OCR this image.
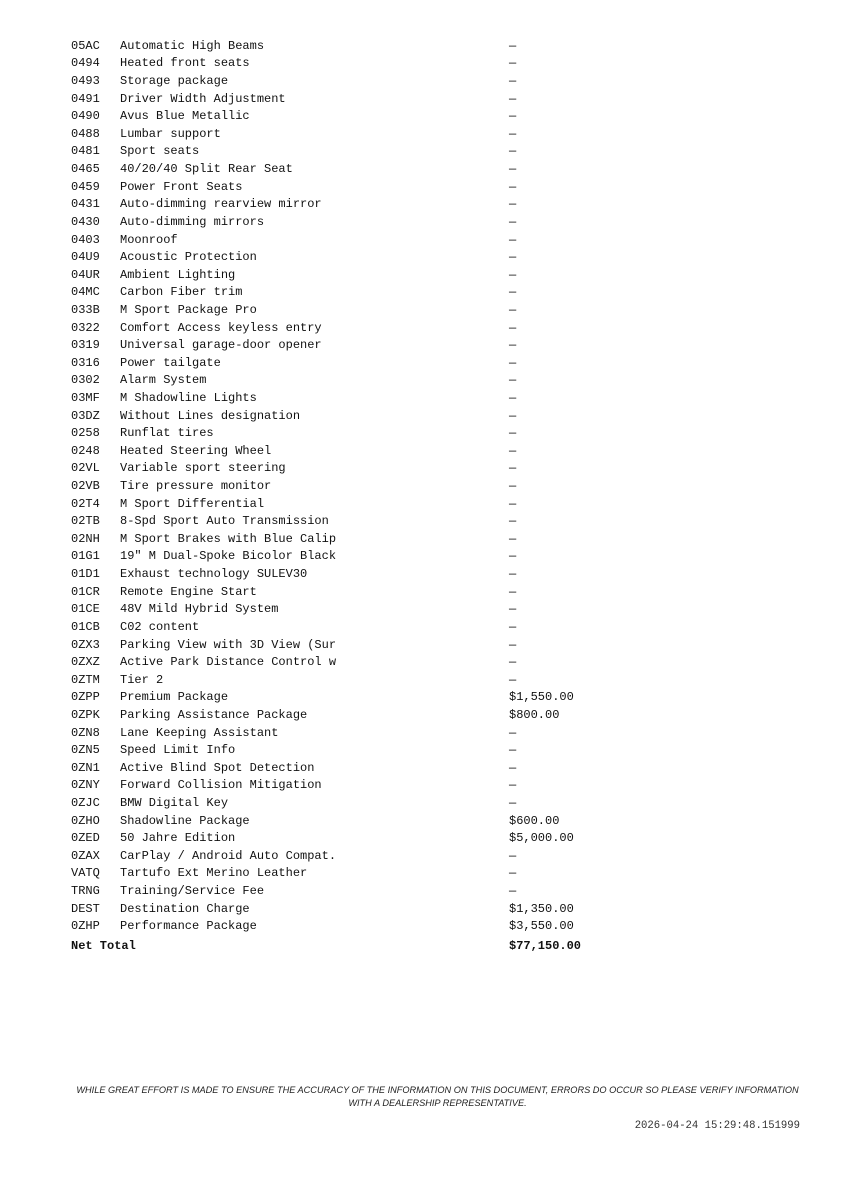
05AC	Automatic High Beams	—
0494	Heated front seats	—
0493	Storage package	—
0491	Driver Width Adjustment	—
0490	Avus Blue Metallic	—
0488	Lumbar support	—
0481	Sport seats	—
0465	40/20/40 Split Rear Seat	—
0459	Power Front Seats	—
0431	Auto-dimming rearview mirror	—
0430	Auto-dimming mirrors	—
0403	Moonroof	—
04U9	Acoustic Protection	—
04UR	Ambient Lighting	—
04MC	Carbon Fiber trim	—
033B	M Sport Package Pro	—
0322	Comfort Access keyless entry	—
0319	Universal garage-door opener	—
0316	Power tailgate	—
0302	Alarm System	—
03MF	M Shadowline Lights	—
03DZ	Without Lines designation	—
0258	Runflat tires	—
0248	Heated Steering Wheel	—
02VL	Variable sport steering	—
02VB	Tire pressure monitor	—
02T4	M Sport Differential	—
02TB	8-Spd Sport Auto Transmission	—
02NH	M Sport Brakes with Blue Calip	—
01G1	19" M Dual-Spoke Bicolor Black	—
01D1	Exhaust technology SULEV30	—
01CR	Remote Engine Start	—
01CE	48V Mild Hybrid System	—
01CB	C02 content	—
0ZX3	Parking View with 3D View (Sur	—
0ZXZ	Active Park Distance Control w	—
0ZTM	Tier 2	—
0ZPP	Premium Package	$1,550.00
0ZPK	Parking Assistance Package	$800.00
0ZN8	Lane Keeping Assistant	—
0ZN5	Speed Limit Info	—
0ZN1	Active Blind Spot Detection	—
0ZNY	Forward Collision Mitigation	—
0ZJC	BMW Digital Key	—
0ZHO	Shadowline Package	$600.00
0ZED	50 Jahre Edition	$5,000.00
0ZAX	CarPlay / Android Auto Compat.	—
VATQ	Tartufo Ext Merino Leather	—
TRNG	Training/Service Fee	—
DEST	Destination Charge	$1,350.00
0ZHP	Performance Package	$3,550.00
Net Total	$77,150.00
WHILE GREAT EFFORT IS MADE TO ENSURE THE ACCURACY OF THE INFORMATION ON THIS DOCUMENT, ERRORS DO OCCUR SO PLEASE VERIFY INFORMATION WITH A DEALERSHIP REPRESENTATIVE.
2026-04-24 15:29:48.151999
